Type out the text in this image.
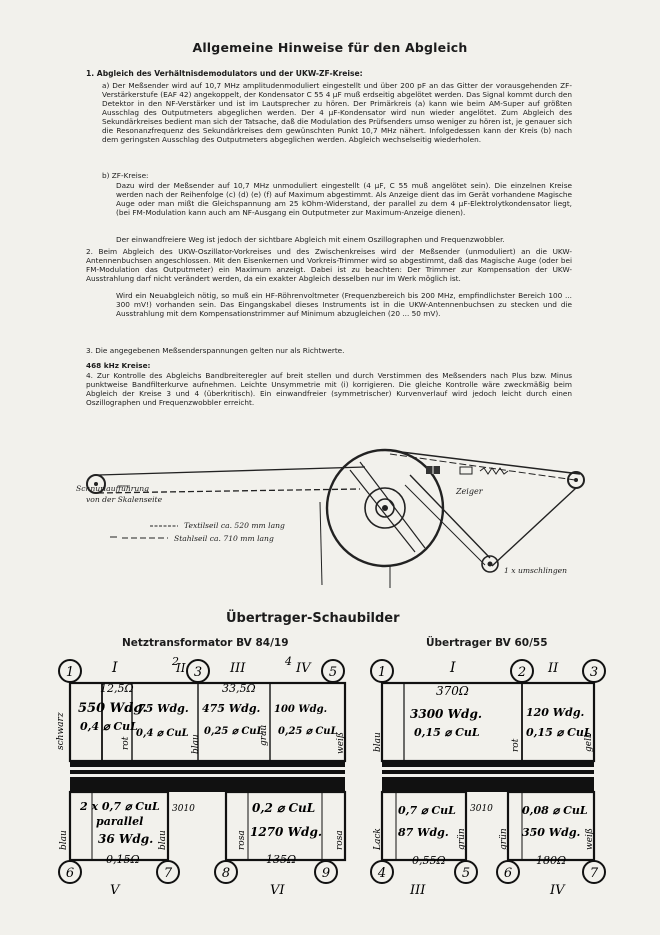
Allgemeine Hinweise für den Abgleich
1. Abgleich des Verhältnisdemodulators und der UKW-ZF-Kreise:
a) Der Meßsender wird auf 10,7 MHz amplitudenmoduliert eingestellt und über 200 pF an das Gitter der vorausgehenden ZF-Verstärkerstufe (EAF 42) angekoppelt, der Kondensator C 55 4 µF muß erdseitig abgelötet werden. Das Signal kommt durch den Detektor in den NF-Verstärker und ist im Lautsprecher zu hören. Der Primärkreis (a) kann wie beim AM-Super auf größten Ausschlag des Outputmeters abgeglichen werden. Der 4 µF-Kondensator wird nun wieder angelötet. Zum Abgleich des Sekundärkreises bedient man sich der Tatsache, daß die Modulation des Prüfsenders umso weniger zu hören ist, je genauer sich die Resonanzfrequenz des Sekundärkreises dem gewünschten Punkt 10,7 MHz nähert. Infolgedessen kann der Kreis (b) nach dem geringsten Ausschlag des Outputmeters abgeglichen werden. Abgleich wechselseitig wiederholen.
b) ZF-Kreise:
Dazu wird der Meßsender auf 10,7 MHz unmoduliert eingestellt (4 µF, C 55 muß angelötet sein). Die einzelnen Kreise werden nach der Reihenfolge (c) (d) (e) (f) auf Maximum abgestimmt. Als Anzeige dient das im Gerät vorhandene Magische Auge oder man mißt die Gleichspannung am 25 kOhm-Widerstand, der parallel zu dem 4 µF-Elektrolytkondensator liegt, (bei FM-Modulation kann auch am NF-Ausgang ein Outputmeter zur Maximum-Anzeige dienen).
Der einwandfreiere Weg ist jedoch der sichtbare Abgleich mit einem Oszillographen und Frequenzwobbler.
2. Beim Abgleich des UKW-Oszillator-Vorkreises und des Zwischenkreises wird der Meßsender (unmoduliert) an die UKW-Antennenbuchsen angeschlossen. Mit den Eisenkernen und Vorkreis-Trimmer wird so abgestimmt, daß das Magische Auge (oder bei FM-Modulation das Outputmeter) ein Maximum anzeigt. Dabei ist zu beachten: Der Trimmer zur Kompensation der UKW-Ausstrahlung darf nicht verändert werden, da ein exakter Abgleich desselben nur im Werk möglich ist.
Wird ein Neuabgleich nötig, so muß ein HF-Röhrenvoltmeter (Frequenzbereich bis 200 MHz, empfindlichster Bereich 100 ... 300 mV!) vorhanden sein. Das Eingangskabel dieses Instruments ist in die UKW-Antennenbuchsen zu stecken und die Ausstrahlung mit dem Kompensationstrimmer auf Minimum abzugleichen (20 ... 50 mV).
3. Die angegebenen Meßsenderspannungen gelten nur als Richtwerte.
468 kHz Kreise:
4. Zur Kontrolle des Abgleichs Bandbreiteregler auf breit stellen und durch Verstimmen des Meßsenders nach Plus bzw. Minus punktweise Bandfilterkurve aufnehmen. Leichte Unsymmetrie mit (i) korrigieren. Die gleiche Kontrolle wäre zweckmäßig beim Abgleich der Kreise 3 und 4 (überkritisch). Ein einwandfreier (symmetrischer) Kurvenverlauf wird jedoch leicht durch einen Oszillographen und Frequenzwobbler erreicht.
Schnurlaufführung
von der Skalenseite
Textilseil ca. 520 mm lang
Stahlseil ca. 710 mm lang
Zeiger
1 x umschlingen
Übertrager-Schaubilder
Netztransformator BV 84/19	Übertrager BV 60/55
1	3	5
6	7	8	9
2	4
I	II	III	IV
V	VI
12,5Ω
550 Wdg.
0,4 ⌀ CuL
schwarz	rot
75 Wdg.
0,4 ⌀ CuL
blau
33,5Ω
475 Wdg.
0,25 ⌀ CuL
grau
100 Wdg.
0,25 ⌀ CuL
weiß
2 x 0,7 ⌀ CuL
parallel
36 Wdg.
0,15Ω
blau	blau
3010	0,2 ⌀ CuL
1270 Wdg.
135Ω
rosa	rosa
1	2	3
4	5	6	7
I	II
III	IV
370Ω
3300 Wdg.
0,15 ⌀ CuL
blau	rot
120 Wdg.
0,15 ⌀ CuL
gelb
0,7 ⌀ CuL
87 Wdg.
0,55Ω
Lack	grün
3010	0,08 ⌀ CuL
350 Wdg.
180Ω
grün	weiß
